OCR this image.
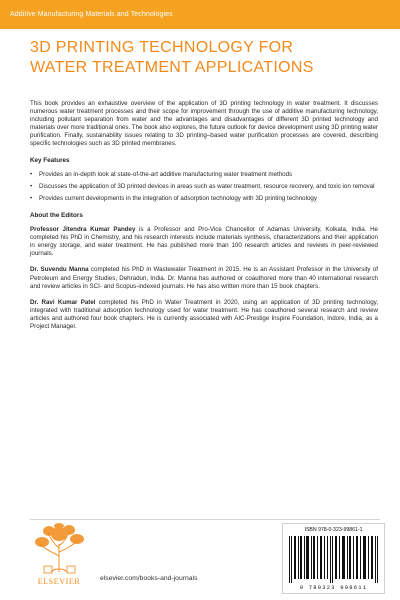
Additive Manufacturing Materials and Technologies
3D PRINTING TECHNOLOGY FOR
WATER TREATMENT APPLICATIONS

This book provides an exhaustive overview of the application of 3D printing technology in water treatment. It discusses numerous water treatment processes and their scope for improvement through the use of additive manufacturing technology, including pollutant separation from water and the advantages and disadvantages of different 3D printed technology and materials over more traditional ones. The book also explores, the future outlook for device development using 3D printing water purification. Finally, sustainability issues relating to 3D printing–based water purification processes are covered, describing specific technologies such as 3D printed membranes.

Key Features
• Provides an in-depth look at state-of-the-art additive manufacturing water treatment methods
• Discusses the application of 3D printed devices in areas such as water treatment, resource recovery, and toxic ion removal
• Provides current developments in the integration of adsorption technology with 3D printing technology
About the Editors

Professor Jitendra Kumar Pandey is a Professor and Pro-Vice Chancellor of Adamas University, Kolkata, India. He completed his PhD in Chemistry, and his research interests include materials synthesis, characterizations and their application in energy storage, and water treatment. He has published more than 100 research articles and reviews in peer-reviewed journals.

Dr. Suvendu Manna completed his PhD in Wastewater Treatment in 2015. He is an Assistant Professor in the University of Petroleum and Energy Studies, Dehradun, India. Dr. Manna has authored or coauthored more than 40 international research and review articles in SCI- and Scopus-indexed journals. He has also written more than 15 book chapters.

Dr. Ravi Kumar Patel completed his PhD in Water Treatment in 2020, using an application of 3D printing technology, integrated with traditional adsorption technology used for water treatment. He has coauthored several research and review articles and authored four book chapters. He is currently associated with AIC-Prestige Inspire Foundation, Indore, India, as a Project Manager.

ELSEVIER	elsevier.com/books-and-journals
ISBN 978-0-323-99861-1
9 780323 998611
